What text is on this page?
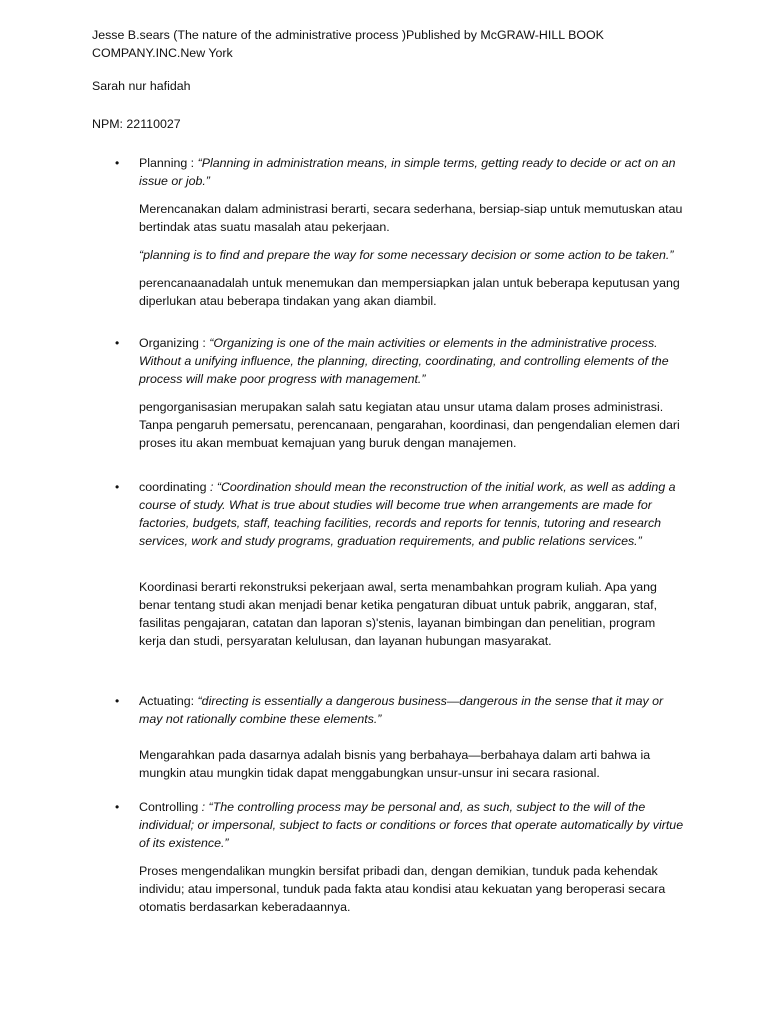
Jesse B.sears (The nature of the administrative process )Published by McGRAW-HILL BOOK COMPANY.INC.New York

Sarah nur hafidah

NPM: 22110027

• Planning : “Planning in administration means, in simple terms, getting ready to decide or act on an issue or job.”

Merencanakan dalam administrasi berarti, secara sederhana, bersiap-siap untuk memutuskan atau bertindak atas suatu masalah atau pekerjaan.

“planning is to find and prepare the way for some necessary decision or some action to be taken.”

perencanaanadalah untuk menemukan dan mempersiapkan jalan untuk beberapa keputusan yang diperlukan atau beberapa tindakan yang akan diambil.

• Organizing : “Organizing is one of the main activities or elements in the administrative process. Without a unifying influence, the planning, directing, coordinating, and controlling elements of the process will make poor progress with management.”

pengorganisasian merupakan salah satu kegiatan atau unsur utama dalam proses administrasi. Tanpa pengaruh pemersatu, perencanaan, pengarahan, koordinasi, dan pengendalian elemen dari proses itu akan membuat kemajuan yang buruk dengan manajemen.

• coordinating : “Coordination should mean the reconstruction of the initial work, as well as adding a course of study. What is true about studies will become true when arrangements are made for factories, budgets, staff, teaching facilities, records and reports for tennis, tutoring and research services, work and study programs, graduation requirements, and public relations services.”

Koordinasi berarti rekonstruksi pekerjaan awal, serta menambahkan program kuliah. Apa yang benar tentang studi akan menjadi benar ketika pengaturan dibuat untuk pabrik, anggaran, staf, fasilitas pengajaran, catatan dan laporan s)'stenis, layanan bimbingan dan penelitian, program kerja dan studi, persyaratan kelulusan, dan layanan hubungan masyarakat.

• Actuating: “directing is essentially a dangerous business—dangerous in the sense that it may or may not rationally combine these elements.”

Mengarahkan pada dasarnya adalah bisnis yang berbahaya—berbahaya dalam arti bahwa ia mungkin atau mungkin tidak dapat menggabungkan unsur-unsur ini secara rasional.

• Controlling : “The controlling process may be personal and, as such, subject to the will of the individual; or impersonal, subject to facts or conditions or forces that operate automatically by virtue of its existence.”

Proses mengendalikan mungkin bersifat pribadi dan, dengan demikian, tunduk pada kehendak individu; atau impersonal, tunduk pada fakta atau kondisi atau kekuatan yang beroperasi secara otomatis berdasarkan keberadaannya.
